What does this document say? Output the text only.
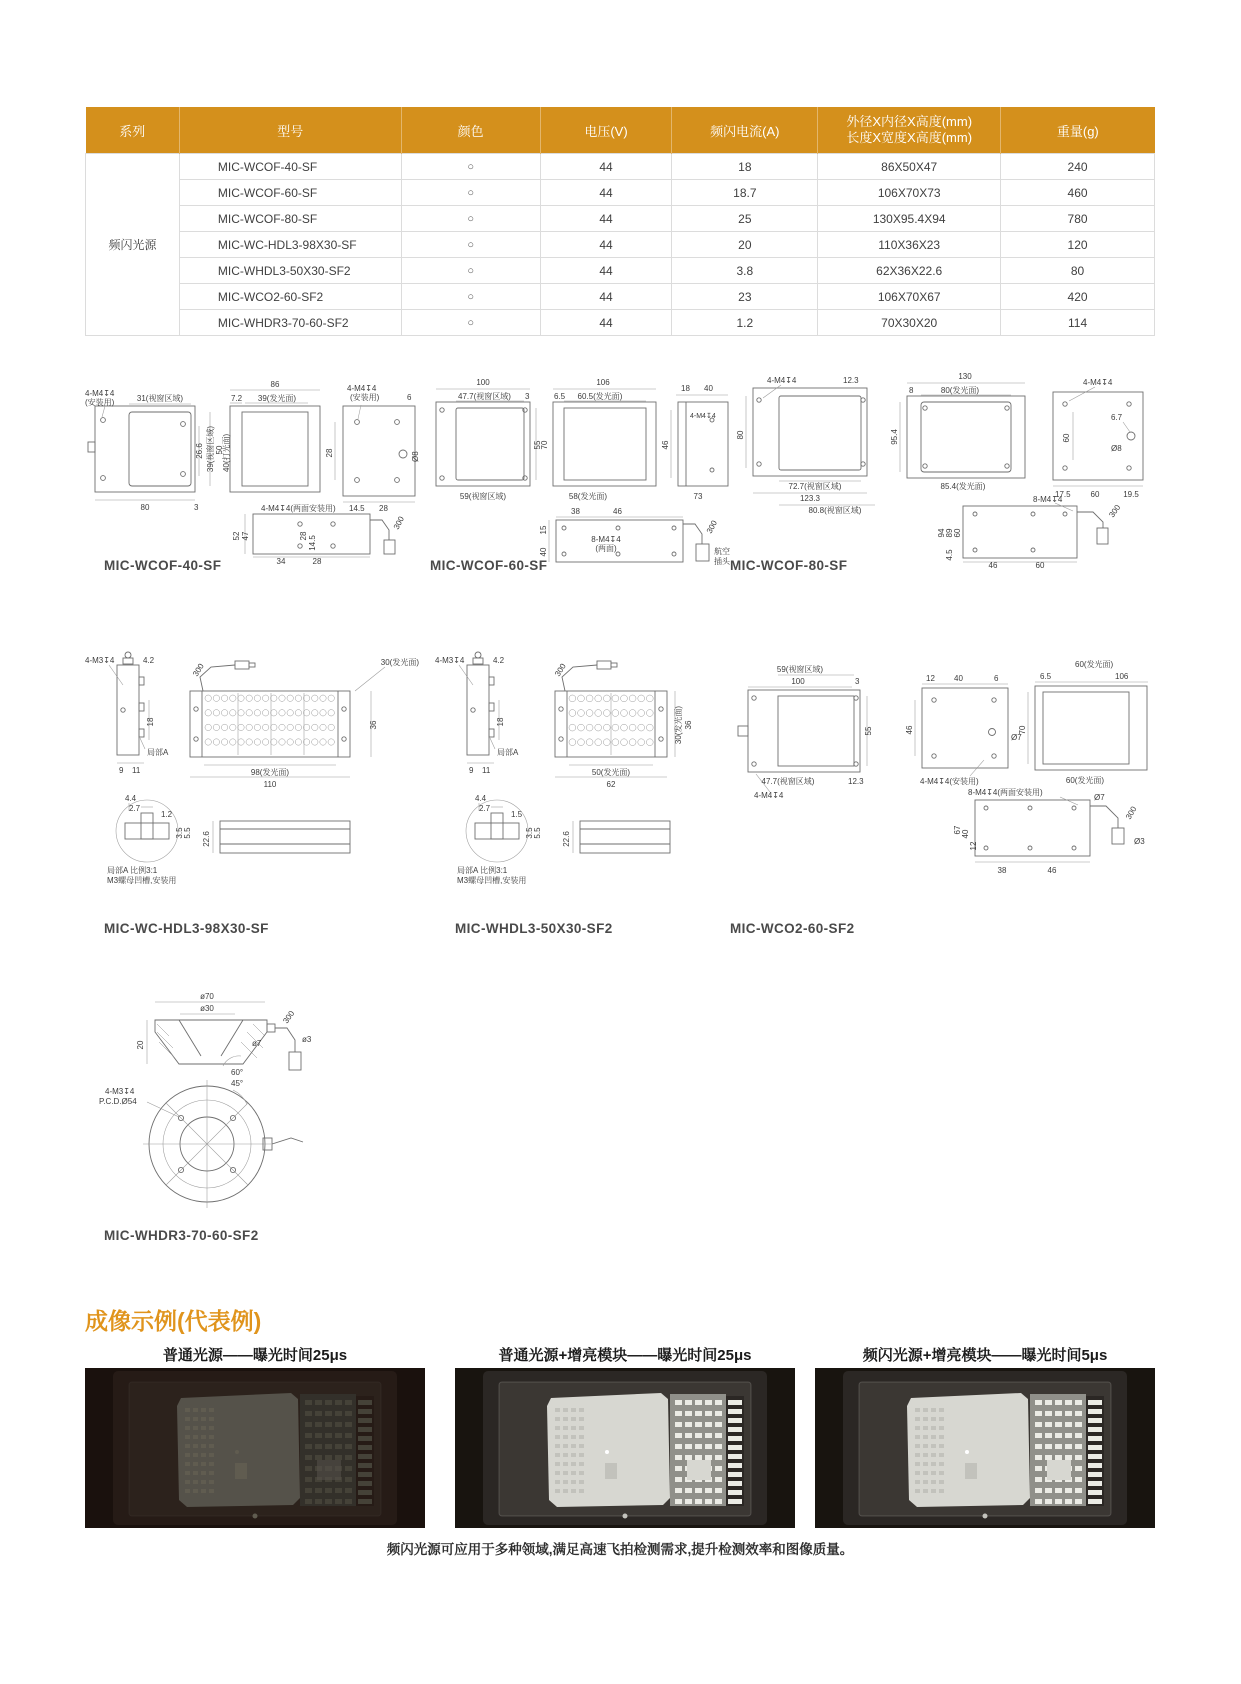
系列	型号	颜色	电压(V)	频闪电流(A)	外径X内径X高度(mm)
长度X宽度X高度(mm)	重量(g)
频闪光源	MIC-WCOF-40-SF	○	44	18	86X50X47	240
	MIC-WCOF-60-SF	○	44	18.7	106X70X73	460
	MIC-WCOF-80-SF	○	44	25	130X95.4X94	780
	MIC-WC-HDL3-98X30-SF	○	44	20	110X36X23	120
	MIC-WHDL3-50X30-SF2	○	44	3.8	62X36X22.6	80
	MIC-WCO2-60-SF2	○	44	23	106X70X67	420
	MIC-WHDR3-70-60-SF2	○	44	1.2	70X30X20	114
4-M4↧4
(安装用)	31(视窗区域)
80	3
26.6 39(视窗区域)
86
7.2 39(发光面)
50
40(打光面)
4-M4↧4
(安装用)	6
28
14.5 28
Ø8
4-M4↧4(两面安装用)
300
52 47	28 14.5
34	28
100
47.7(视窗区域) 3
55
59(视窗区域)
106
6.5 60.5(发光面)
70
58(发光面)
18 40
46
4-M4↧4
73
38	46
15
40
8-M4↧4
(两面)
300
航空
插头
4-M4↧4	12.3
80
72.7(视窗区域)
123.3
80.8(视窗区域)
130
8	80(发光面)
95.4
85.4(发光面)
4-M4↧4
60
6.7
Ø8
17.5 60	19.5
8-M4↧4
300
94 89 60
4.5
46	60
MIC-WCOF-40-SF	MIC-WCOF-60-SF	MIC-WCOF-80-SF
4-M3↧4	4.2
18
局部A
9 11
300	30(发光面)
36
98(发光面)
110
4.4
2.7
1.2
3.5 5.5
局部A 比例3:1
M3螺母凹槽,安装用
22.6
4-M3↧4	4.2
18
局部A
9 11
300
30(发光面) 36
50(发光面)
62
4.4
2.7
1.5
3.5 5.5
局部A 比例3:1
M3螺母凹槽,安装用
22.6
59(视窗区域)
100	3
55
47.7(视窗区域)	12.3
4-M4↧4
12 40	6
46
Ø7
4-M4↧4(安装用)
60(发光面)
106
6.5
70
60(发光面)
8-M4↧4(两面安装用)
67 40
12
38	46
Ø7
300
Ø3
MIC-WC-HDL3-98X30-SF	MIC-WHDL3-50X30-SF2	MIC-WCO2-60-SF2
ø70
ø30
20	ø7
300
ø3
60°
45°
4-M3↧4
P.C.D.Ø54
MIC-WHDR3-70-60-SF2
成像示例(代表例)
普通光源——曝光时间25μs	普通光源+增亮模块——曝光时间25μs	频闪光源+增亮模块——曝光时间5μs
频闪光源可应用于多种领域,满足高速飞拍检测需求,提升检测效率和图像质量。
